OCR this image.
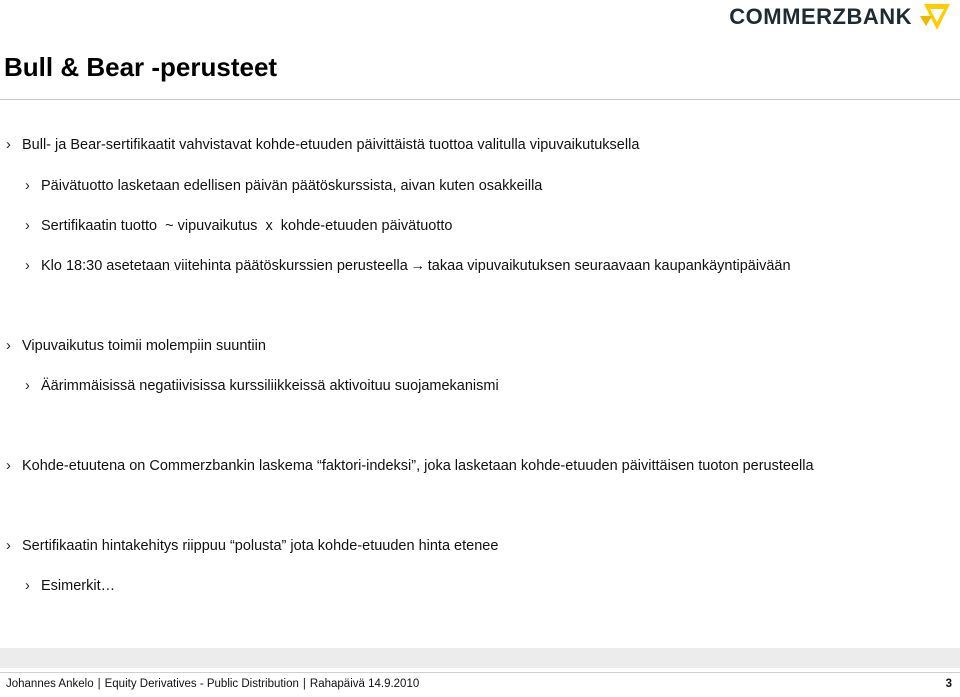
COMMERZBANK
Bull & Bear -perusteet
› Bull- ja Bear-sertifikaatit vahvistavat kohde-etuuden päivittäistä tuottoa valitulla vipuvaikutuksella
› Päivätuotto lasketaan edellisen päivän päätöskurssista, aivan kuten osakkeilla
› Sertifikaatin tuotto  ~ vipuvaikutus  x  kohde-etuuden päivätuotto
› Klo 18:30 asetetaan viitehinta päätöskurssien perusteella → takaa vipuvaikutuksen seuraavaan kaupankäyntipäivään
› Vipuvaikutus toimii molempiin suuntiin
› Äärimmäisissä negatiivisissa kurssiliikkeissä aktivoituu suojamekanismi
› Kohde-etuutena on Commerzbankin laskema “faktori-indeksi”, joka lasketaan kohde-etuuden päivittäisen tuoton perusteella
› Sertifikaatin hintakehitys riippuu “polusta” jota kohde-etuuden hinta etenee
› Esimerkit…
Johannes Ankelo | Equity Derivatives - Public Distribution | Rahapäivä 14.9.2010	3
